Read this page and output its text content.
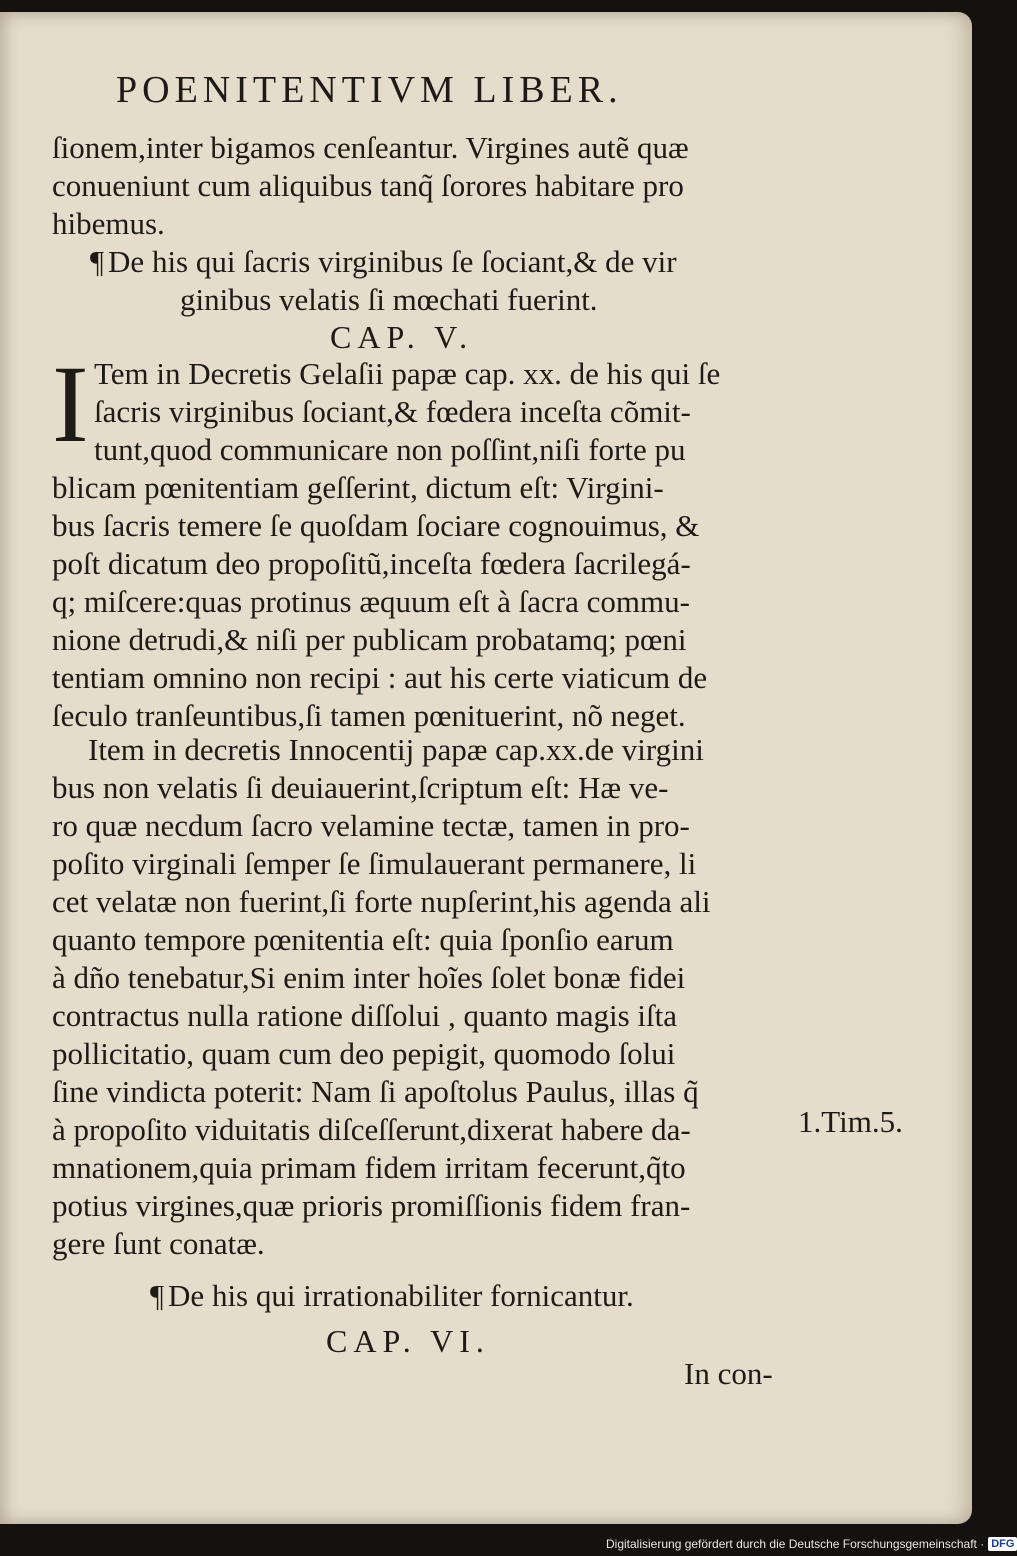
POENITENTIVM LIBER.
ſionem,inter bigamos cenſeantur. Virgines autẽ quæ
conueniunt cum aliquibus tanq̃ ſorores habitare pro
hibemus.
¶ De his qui ſacris virginibus ſe ſociant,& de vir
ginibus velatis ſi mœchati fuerint.
CAP. V.
I Tem in Decretis Gelaſii papæ cap. xx. de his qui ſe
ſacris virginibus ſociant,& fœdera inceſta cõmit-
tunt,quod communicare non poſſint,niſi forte pu
blicam pœnitentiam geſſerint, dictum eſt: Virgini-
bus ſacris temere ſe quoſdam ſociare cognouimus, &
poſt dicatum deo propoſitũ,inceſta fœdera ſacrilegá-
q; miſcere:quas protinus æquum eſt à ſacra commu-
nione detrudi,& niſi per publicam probatamq; pœni
tentiam omnino non recipi : aut his certe viaticum de
ſeculo tranſeuntibus,ſi tamen pœnituerint, nõ neget.
Item in decretis Innocentij papæ cap.xx.de virgini
bus non velatis ſi deuiauerint,ſcriptum eſt: Hæ ve-
ro quæ necdum ſacro velamine tectæ, tamen in pro-
poſito virginali ſemper ſe ſimulauerant permanere, li
cet velatæ non fuerint,ſi forte nupſerint,his agenda ali
quanto tempore pœnitentia eſt: quia ſponſio earum
à dño tenebatur,Si enim inter hoĩes ſolet bonæ fidei
contractus nulla ratione diſſolui , quanto magis iſta
pollicitatio, quam cum deo pepigit, quomodo ſolui
ſine vindicta poterit: Nam ſi apoſtolus Paulus, illas q̃
à propoſito viduitatis diſceſſerunt,dixerat habere da-
mnationem,quia primam fidem irritam fecerunt,q̃to
potius virgines,quæ prioris promiſſionis fidem fran-
gere ſunt conatæ.
1.Tim.5.
¶ De his qui irrationabiliter fornicantur.
CAP. VI.
In con-
Digitalisierung gefördert durch die Deutsche Forschungsgemeinschaft · DFG
